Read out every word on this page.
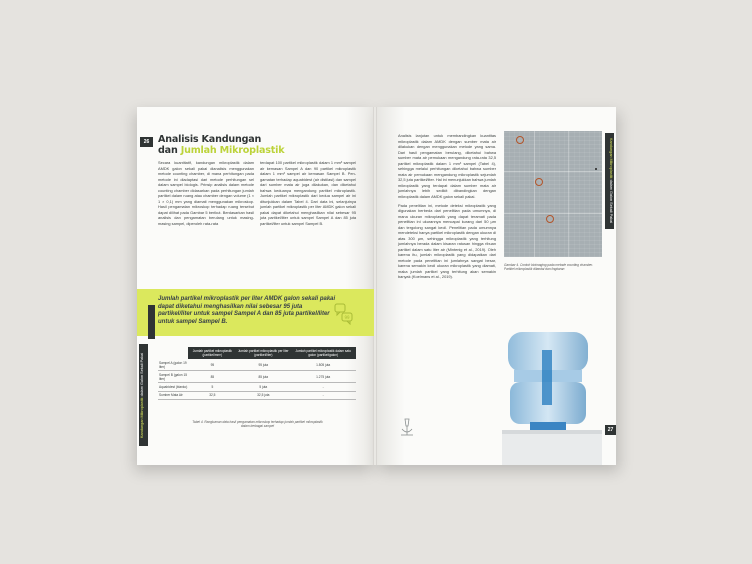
26 Analisis Kandungan
dan Jumlah Mikroplastik

Secara kuantitatif, kandungan mikroplastik dalam AMDK galon sekali pakai dianalisis menggunakan metode counting chamber, di mana perhitungan pada metode ini diadaptasi dari metode perhitungan sel dalam sampel biologis. Prinsip analisis dalam metode counting chamber didasarkan pada perhitungan jumlah partikel dalam ruang atau chamber dengan volume (1 × 1 × 0,1) mm yang diamati menggunakan mikroskop. Hasil pengamatan mikroskop terhadap ruang tersebut dapat dilihat pada Gambar 5 berikut. Berdasarkan hasil analisis dan pengamatan berulang untuk masing-masing sampel, diperoleh rata-rata

terdapat 100 partikel mikroplastik dalam 1 mm³ sampel air kemasan Sampel A dan 90 partikel mikroplastik dalam 1 mm³ sampel air kemasan Sampel B. Pengamatan terhadap aquabidest (air distilasi) dan sampel dari sumber mata air juga dilakukan, dan diketahui bahwa keduanya mengandung partikel mikroplastik. Jumlah partikel mikroplastik dari kedua sampel air ini ditunjukkan dalam Tabel 4. Dari data ini, selanjutnya jumlah partikel mikroplastik per liter AMDK galon sekali pakai dapat diketahui menghasilkan nilai sebesar 95 juta partikel/liter untuk sampel Sampel A dan 85 juta partikel/liter untuk sampel Sampel B.

Jumlah partikel mikroplastik per liter AMDK galon sekali pakai dapat diketahui menghasilkan nilai sebesar 95 juta partikel/liter untuk sampel Sampel A dan 85 juta partikel/liter untuk sampel Sampel B.
99
Kandungan Mikroplastik dalam Galon Sekali Pakai
	Jumlah partikel mikroplastik (partikel/mm³)	Jumlah partikel mikroplastik per liter (partikel/liter)	Jumlah partikel mikroplastik dalam satu galon (partikel/galon)
Sampel A (galon 19 liter)	95	95 juta	1.805 juta
Sampel B (galon 15 liter)	85	85 juta	1.275 juta
Aquabidest (blanko)	5	5 juta	-
Sumber Mata Air	32,5	32,5 juta	-
Tabel 4. Rangkuman data hasil pengamatan mikroskop terhadap jumlah partikel mikroplastik dalam berbagai sampel

Analisis lanjutan untuk membandingkan kuantitas mikroplastik dalam AMDK dengan sumber mata air dilakukan dengan menggunakan metode yang sama. Dari hasil pengamatan berulang, diketahui bahwa sumber mata air pemukaan mengandung rata-rata 32,5 partikel mikroplastik dalam 1 mm³ sampel (Tabel 4), sehingga melalui perhitungan diketahui bahwa sumber mata air pemukaan mengandung mikroplastik sejumlah 32,5 juta partikel/liter. Hal ini menunjukkan bahwa jumlah mikroplastik yang terdapat dalam sumber mata air jumlahnya lebih sedikit dibandingkan dengan mikroplastik dalam AMDK galon sekali pakai.

Pada penelitian ini, metode deteksi mikroplastik yang digunakan berbeda dari penelitian pada umumnya, di mana ukuran mikroplastik yang dapat teramati pada penelitian ini ukurannya mencapai kurang dari 50 µm dan tergolong sangat kecil. Penelitian pada umumnya mendeteksi hanya partikel mikroplastik dengan ukuran di atas 300 µm, sehingga mikroplastik yang terhitung jumlahnya berada dalam kisaran ratusan hingga ribuan partikel dalam satu liter air (Mintenig et al., 2019). Oleh karena itu, jumlah mikroplastik yang didapatkan dari metode pada penelitian ini jumlahnya sangat besar, karena semakin kecil ukuran mikroplastik yang diamati, maka jumlah partikel yang terhitung akan semakin banyak (Koelmans et al., 2019).

Gambar 4. Contoh bioimaging pada metode counting chamber. Partikel mikroplastik ditandai dan lingkaran
Kandungan Mikroplastik dalam Galon Sekali Pakai
27
